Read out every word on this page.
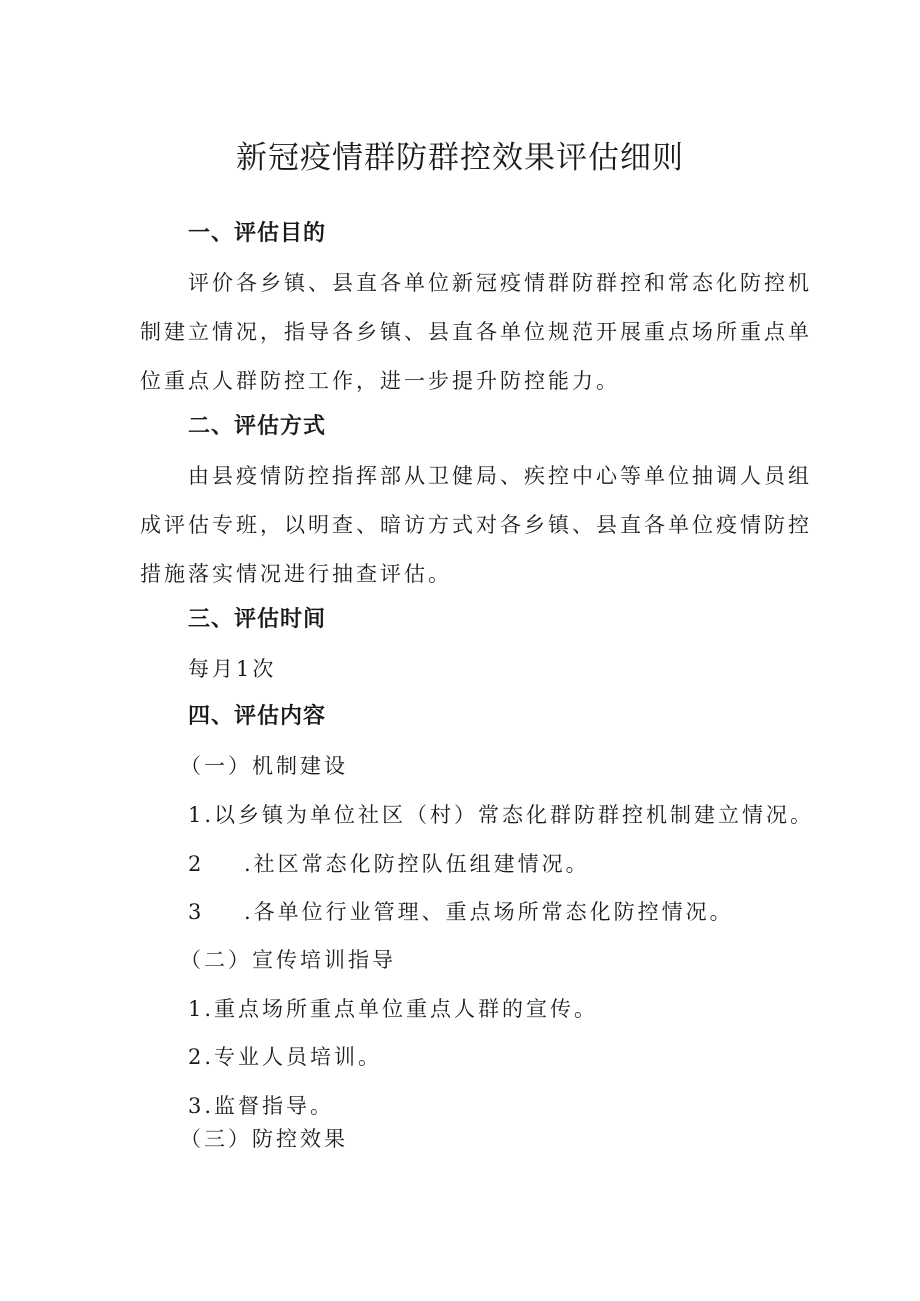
新冠疫情群防群控效果评估细则
一、评估目的
评价各乡镇、县直各单位新冠疫情群防群控和常态化防控机
制建立情况，指导各乡镇、县直各单位规范开展重点场所重点单
位重点人群防控工作，进一步提升防控能力。
二、评估方式
由县疫情防控指挥部从卫健局、疾控中心等单位抽调人员组
成评估专班，以明查、暗访方式对各乡镇、县直各单位疫情防控
措施落实情况进行抽查评估。
三、评估时间
每月1次
四、评估内容
（一）机制建设
1.以乡镇为单位社区（村）常态化群防群控机制建立情况。
2 .社区常态化防控队伍组建情况。
3 .各单位行业管理、重点场所常态化防控情况。
（二）宣传培训指导
1.重点场所重点单位重点人群的宣传。
2.专业人员培训。
3.监督指导。
（三）防控效果
